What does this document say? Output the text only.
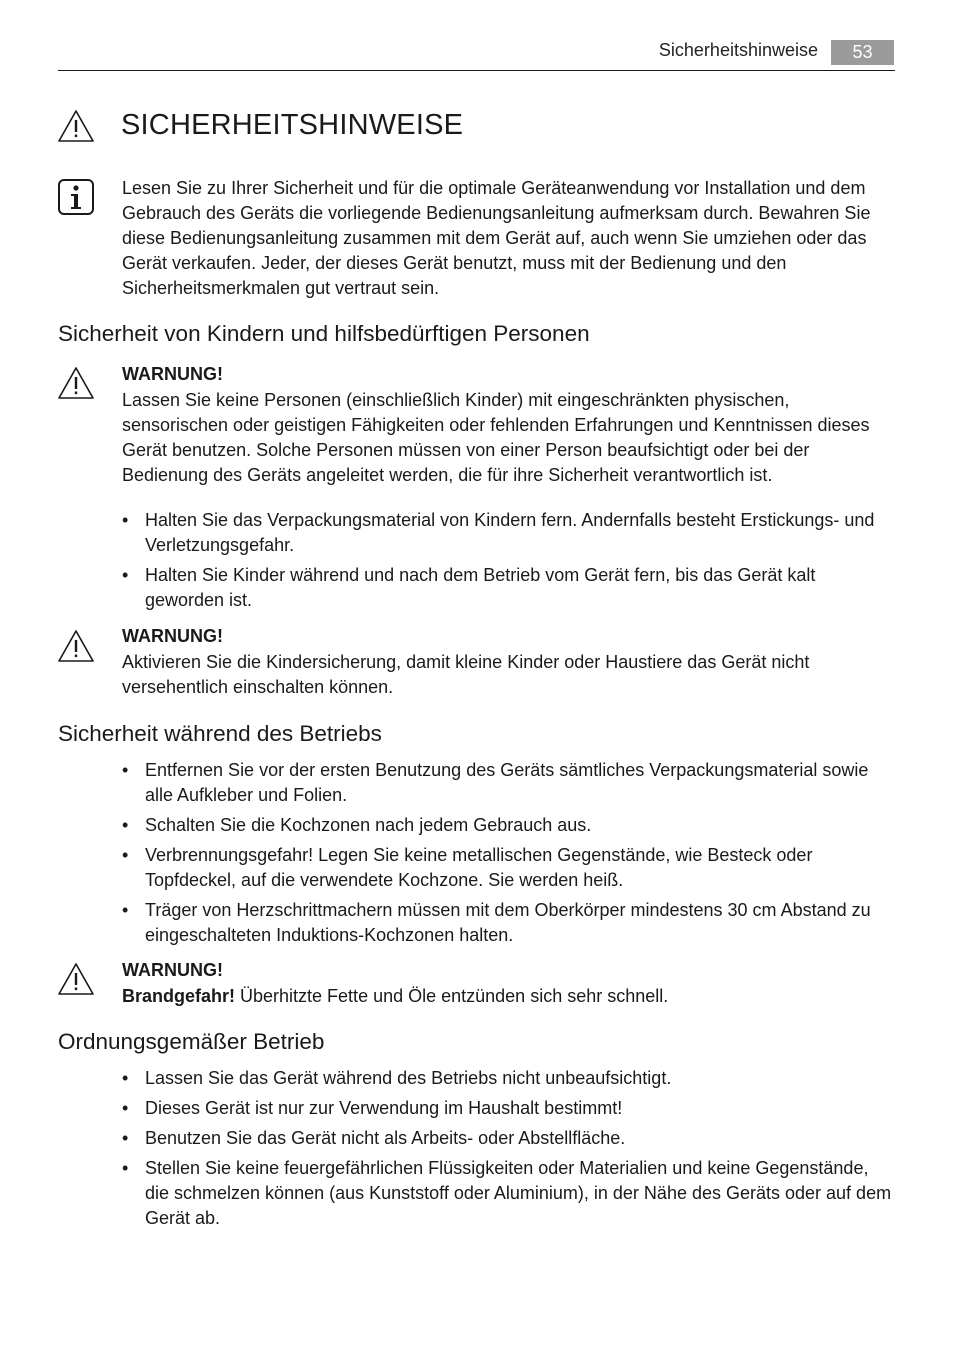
Sicherheitshinweise	53
SICHERHEITSHINWEISE

Lesen Sie zu Ihrer Sicherheit und für die optimale Geräteanwendung vor Installation und dem Gebrauch des Geräts die vorliegende Bedienungsanleitung aufmerksam durch. Bewahren Sie diese Bedienungsanleitung zusammen mit dem Gerät auf, auch wenn Sie umziehen oder das Gerät verkaufen. Jeder, der dieses Gerät benutzt, muss mit der Bedienung und den Sicherheitsmerkmalen gut vertraut sein.

Sicherheit von Kindern und hilfsbedürftigen Personen
WARNUNG!

Lassen Sie keine Personen (einschließlich Kinder) mit eingeschränkten physischen, sensorischen oder geistigen Fähigkeiten oder fehlenden Erfahrungen und Kenntnissen dieses Gerät benutzen. Solche Personen müssen von einer Person beaufsichtigt oder bei der Bedienung des Geräts angeleitet werden, die für ihre Sicherheit verantwortlich ist.

• Halten Sie das Verpackungsmaterial von Kindern fern. Andernfalls besteht Erstickungs- und Verletzungsgefahr.
• Halten Sie Kinder während und nach dem Betrieb vom Gerät fern, bis das Gerät kalt geworden ist.
WARNUNG!

Aktivieren Sie die Kindersicherung, damit kleine Kinder oder Haustiere das Gerät nicht versehentlich einschalten können.

Sicherheit während des Betriebs
• Entfernen Sie vor der ersten Benutzung des Geräts sämtliches Verpackungsmaterial sowie alle Aufkleber und Folien.
• Schalten Sie die Kochzonen nach jedem Gebrauch aus.
• Verbrennungsgefahr! Legen Sie keine metallischen Gegenstände, wie Besteck oder Topfdeckel, auf die verwendete Kochzone. Sie werden heiß.
• Träger von Herzschrittmachern müssen mit dem Oberkörper mindestens 30 cm Abstand zu eingeschalteten Induktions-Kochzonen halten.
WARNUNG!

Brandgefahr! Überhitzte Fette und Öle entzünden sich sehr schnell.

Ordnungsgemäßer Betrieb
• Lassen Sie das Gerät während des Betriebs nicht unbeaufsichtigt.
• Dieses Gerät ist nur zur Verwendung im Haushalt bestimmt!
• Benutzen Sie das Gerät nicht als Arbeits- oder Abstellfläche.
• Stellen Sie keine feuergefährlichen Flüssigkeiten oder Materialien und keine Gegenstände, die schmelzen können (aus Kunststoff oder Aluminium), in der Nähe des Geräts oder auf dem Gerät ab.
